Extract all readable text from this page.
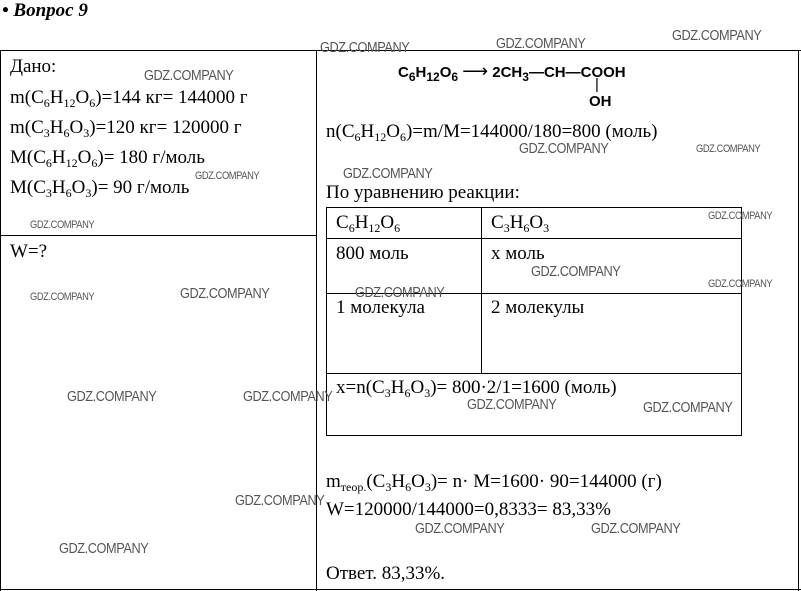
• Вопрос 9
Дано:
$m(C_6H_{12}O_6)=144$ кг= 144000 г
$m(C_3H_6O_3)=120$ кг= 120000 г
$M(C_6H_{12}O_6)= 180$ г/моль
$M(C_3H_6O_3)= 90$ г/моль
W=?
$C_6H_{12}O_6$ ⟶ $2CH_3—CH—COOH$
|
OH
$n(C_6H_{12}O_6)=m/M=144000/180=800$ (моль)
По уравнению реакции:
$C_6H_{12}O_6$	$C_3H_6O_3$
800 моль	x моль
1 молекула	2 молекулы
$x=n(C_3H_6O_3)= 800\cdot 2/1=1600$ (моль)
$m_{теор.}(C_3H_6O_3)= n\cdot M=1600\cdot 90=144000$ (г)
W=120000/144000=0,8333= 83,33%
Ответ. 83,33%.
GDZ.COMPANY	GDZ.COMPANY	GDZ.COMPANY
GDZ.COMPANY
GDZ.COMPANY
GDZ.COMPANY	GDZ.COMPANY
GDZ.COMPANY
GDZ.COMPANY
GDZ.COMPANY
GDZ.COMPANY
GDZ.COMPANY
GDZ.COMPANY
GDZ.COMPANY
GDZ.COMPANY
GDZ.COMPANY	GDZ.COMPANY	GDZ.COMPANY	GDZ.COMPANY
GDZ.COMPANY
GDZ.COMPANY	GDZ.COMPANY
GDZ.COMPANY
